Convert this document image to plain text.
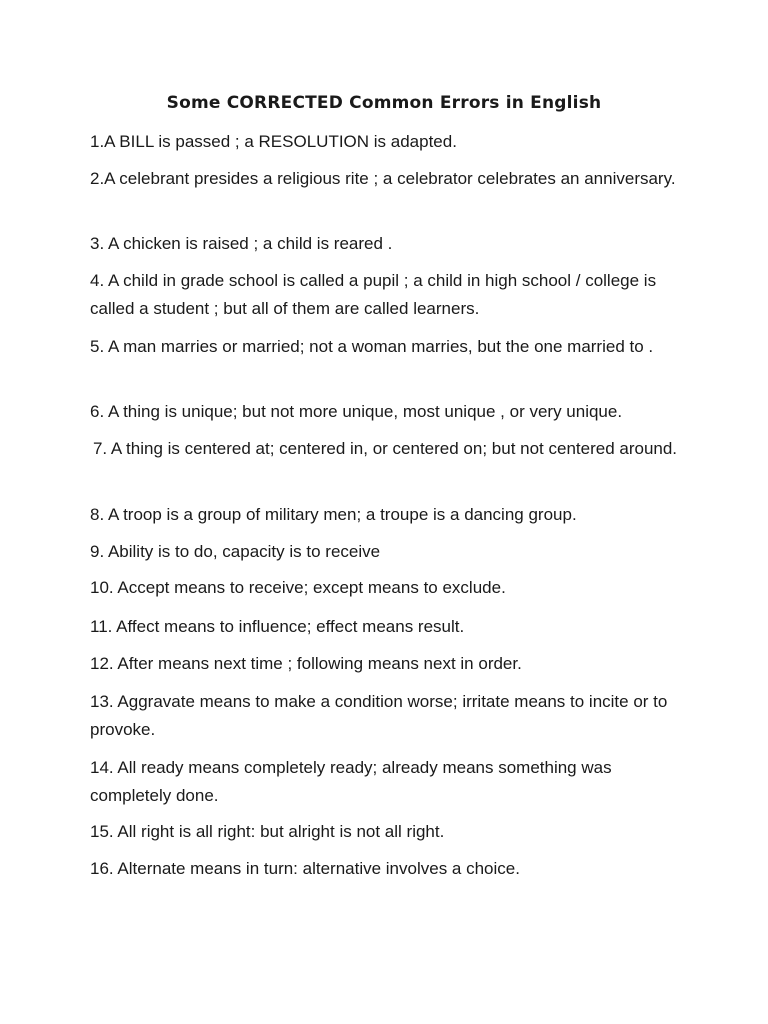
Some CORRECTED Common Errors in English
1.A BILL is passed ; a RESOLUTION is adapted.
2.A celebrant presides a religious rite ; a celebrator celebrates an anniversary.
3. A chicken is raised ; a child is reared .
4. A child in grade school is called a pupil ; a child in high school / college is called a student ; but all of them are called learners.
5. A man marries or married; not a woman marries, but the one married to .
6. A thing is unique; but not more unique, most unique , or very unique.
7. A thing is centered at; centered in, or centered on; but not centered around.
8. A troop is a group of military men; a troupe is a dancing group.
9. Ability is to do, capacity is to receive
10. Accept means to receive; except means to exclude.
11. Affect means to influence; effect means result.
12. After means next time ; following means next in order.
13. Aggravate means to make a condition worse; irritate means to incite or to provoke.
14. All ready means completely ready; already means something was completely done.
15. All right is all right: but alright is not all right.
16. Alternate means in turn: alternative involves a choice.
